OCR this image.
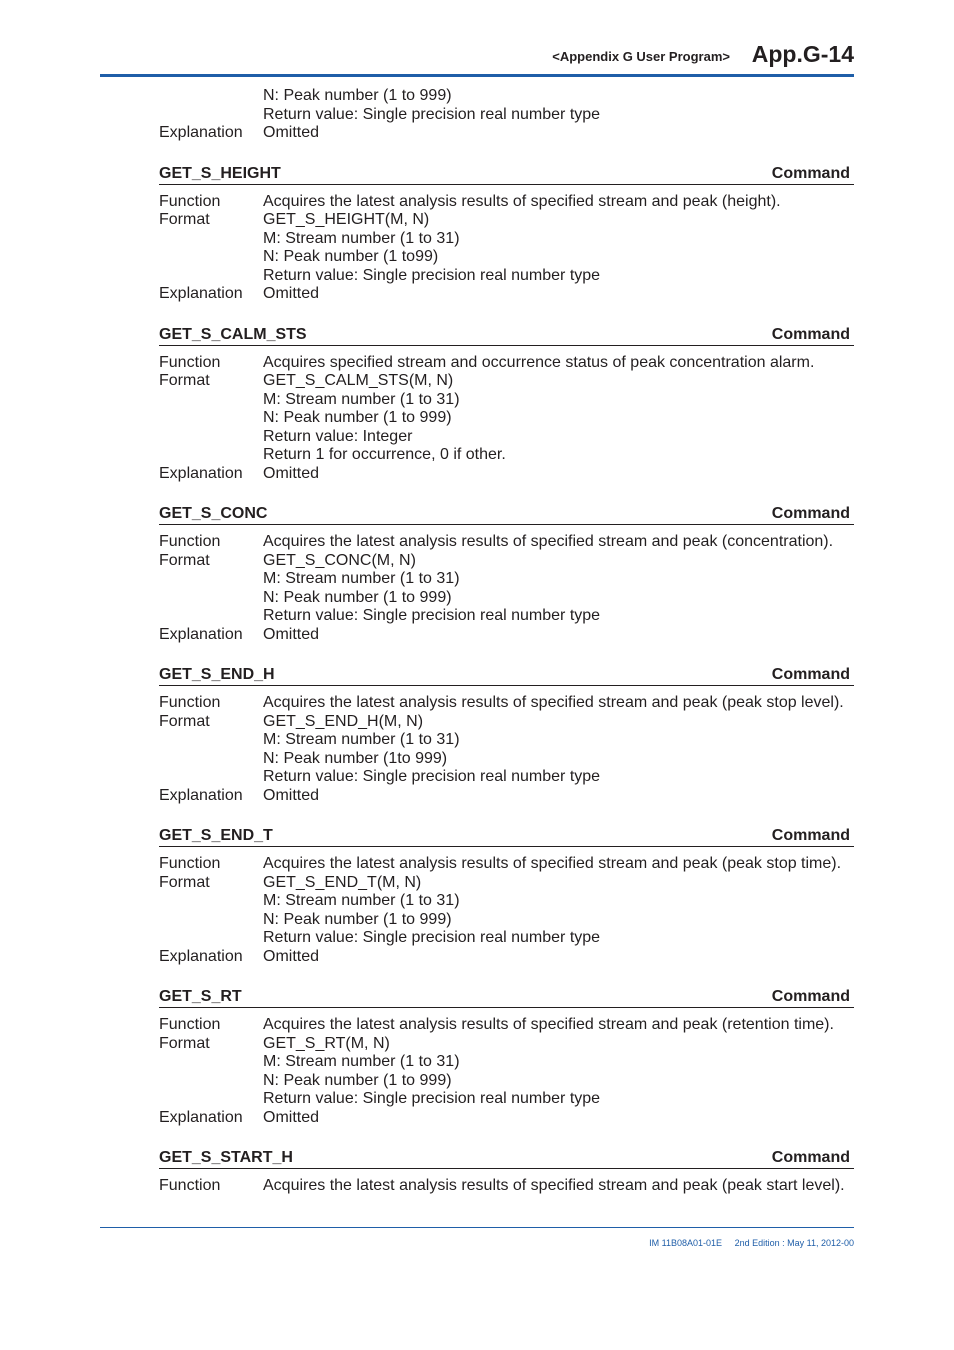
<Appendix G User Program> App.G-14
N: Peak number (1 to 999)
Return value: Single precision real number type
Explanation	Omitted
GET_S_HEIGHT	Command
Function	Acquires the latest analysis results of specified stream and peak (height).
Format	GET_S_HEIGHT(M, N)
M: Stream number (1 to 31)
N: Peak number (1 to99)
Return value: Single precision real number type
Explanation	Omitted
GET_S_CALM_STS	Command
Function	Acquires specified stream and occurrence status of peak concentration alarm.
Format	GET_S_CALM_STS(M, N)
M: Stream number (1 to 31)
N: Peak number (1 to 999)
Return value: Integer
Return 1 for occurrence, 0 if other.
Explanation	Omitted
GET_S_CONC	Command
Function	Acquires the latest analysis results of specified stream and peak (concentration).
Format	GET_S_CONC(M, N)
M: Stream number (1 to 31)
N: Peak number (1 to 999)
Return value: Single precision real number type
Explanation	Omitted
GET_S_END_H	Command
Function	Acquires the latest analysis results of specified stream and peak (peak stop level).
Format	GET_S_END_H(M, N)
M: Stream number (1 to 31)
N: Peak number (1to 999)
Return value: Single precision real number type
Explanation	Omitted
GET_S_END_T	Command
Function	Acquires the latest analysis results of specified stream and peak (peak stop time).
Format	GET_S_END_T(M, N)
M: Stream number (1 to 31)
N: Peak number (1 to 999)
Return value: Single precision real number type
Explanation	Omitted
GET_S_RT	Command
Function	Acquires the latest analysis results of specified stream and peak (retention time).
Format	GET_S_RT(M, N)
M: Stream number (1 to 31)
N: Peak number (1 to 999)
Return value: Single precision real number type
Explanation	Omitted
GET_S_START_H	Command
Function	Acquires the latest analysis results of specified stream and peak (peak start level).
IM 11B08A01-01E 2nd Edition : May 11, 2012-00
